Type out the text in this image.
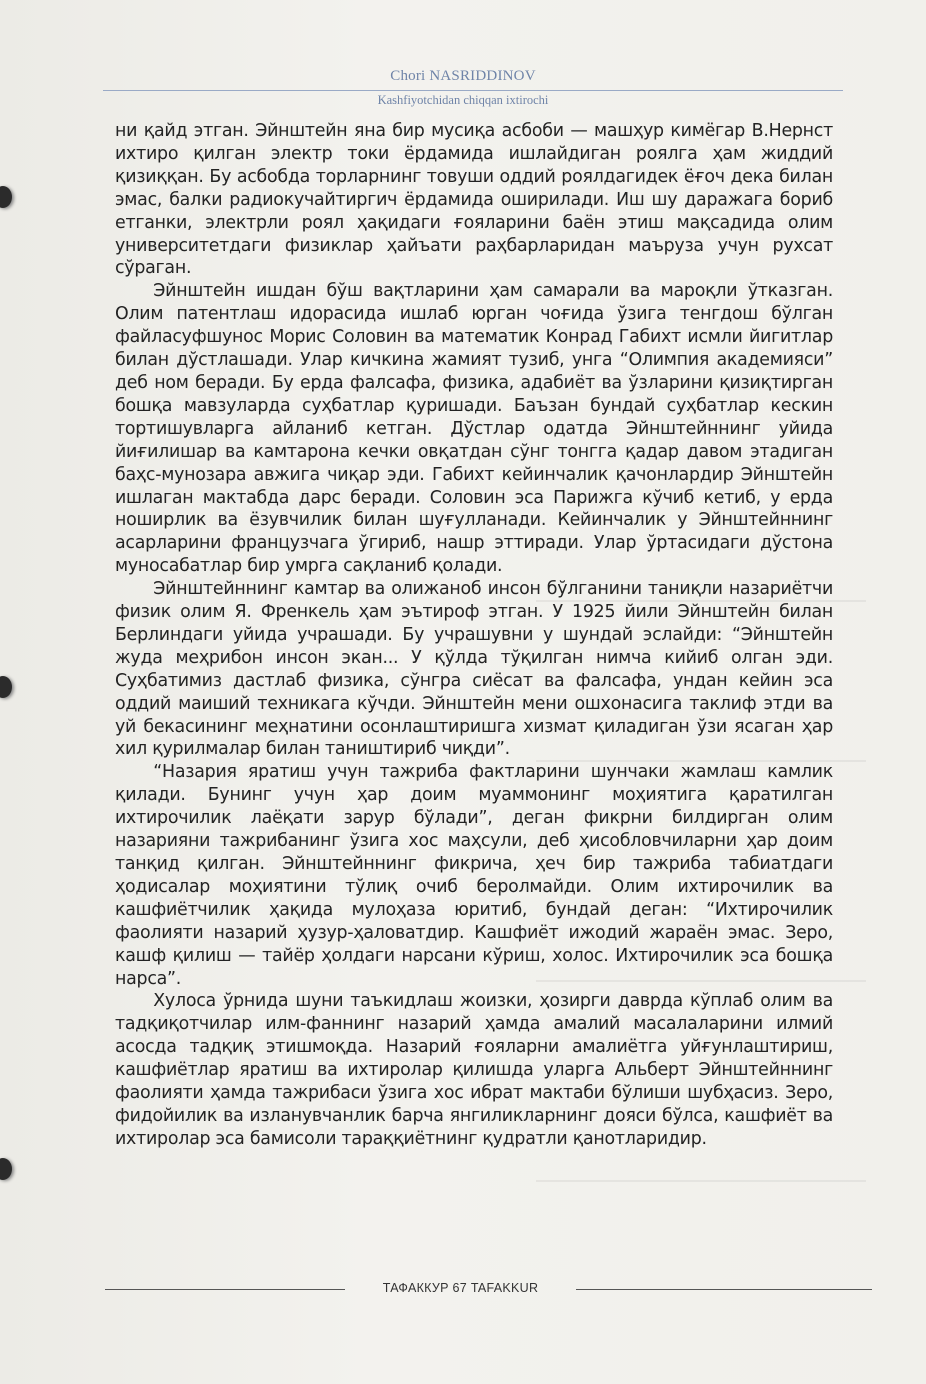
Chori NASRIDDINOV
Kashfiyotchidan chiqqan ixtirochi

ни қайд этган. Эйнштейн яна бир мусиқа асбоби — машҳур кимёгар В.Нернст ихтиро қилган электр токи ёрдамида ишлайдиган роялга ҳам жиддий қизиққан. Бу асбобда торларнинг товуши оддий роялдагидек ёғоч дека билан эмас, балки радиокучайтиргич ёрдамида оширилади. Иш шу даражага бориб етганки, электрли роял ҳақидаги ғояларини баён этиш мақсадида олим университетдаги физиклар ҳайъати раҳбарларидан маъруза учун рухсат сўраган.

Эйнштейн ишдан бўш вақтларини ҳам самарали ва мароқли ўтказган. Олим патентлаш идорасида ишлаб юрган чоғида ўзига тенгдош бўлган файласуфшунос Морис Соловин ва математик Конрад Габихт исмли йигитлар билан дўстлашади. Улар кичкина жамият тузиб, унга “Олимпия академияси” деб ном беради. Бу ерда фалсафа, физика, адабиёт ва ўзларини қизиқтирган бошқа мавзуларда суҳбатлар қуришади. Баъзан бундай суҳбатлар кескин тортишувларга айланиб кетган. Дўстлар одатда Эйнштейннинг уйида йиғилишар ва камтарона кечки овқатдан сўнг тонгга қадар давом этадиган баҳс-мунозара авжига чиқар эди. Габихт кейинчалик қачонлардир Эйнштейн ишлаган мактабда дарс беради. Соловин эса Парижга кўчиб кетиб, у ерда ноширлик ва ёзувчилик билан шуғулланади. Кейинчалик у Эйнштейннинг асарларини французчага ўгириб, нашр эттиради. Улар ўртасидаги дўстона муносабатлар бир умрга сақланиб қолади.

Эйнштейннинг камтар ва олижаноб инсон бўлганини таниқли назариётчи физик олим Я. Френкель ҳам эътироф этган. У 1925 йили Эйнштейн билан Берлиндаги уйида учрашади. Бу учрашувни у шундай эслайди: “Эйнштейн жуда меҳрибон инсон экан... У қўлда тўқилган нимча кийиб олган эди. Суҳбатимиз дастлаб физика, сўнгра сиёсат ва фалсафа, ундан кейин эса оддий маиший техникага кўчди. Эйнштейн мени ошхонасига таклиф этди ва уй бекасининг меҳнатини осонлаштиришга хизмат қиладиган ўзи ясаган ҳар хил қурилмалар билан таништириб чиқди”.

“Назария яратиш учун тажриба фактларини шунчаки жамлаш камлик қилади. Бунинг учун ҳар доим муаммонинг моҳиятига қаратилган ихтирочилик лаёқати зарур бўлади”, деган фикрни билдирган олим назарияни тажрибанинг ўзига хос маҳсули, деб ҳисобловчиларни ҳар доим танқид қилган. Эйнштейннинг фикрича, ҳеч бир тажриба табиатдаги ҳодисалар моҳиятини тўлиқ очиб беролмайди. Олим ихтирочилик ва кашфиётчилик ҳақида мулоҳаза юритиб, бундай деган: “Ихтирочилик фаолияти назарий ҳузур-ҳаловатдир. Кашфиёт ижодий жараён эмас. Зеро, кашф қилиш — тайёр ҳолдаги нарсани кўриш, холос. Ихтирочилик эса бошқа нарса”.

Хулоса ўрнида шуни таъкидлаш жоизки, ҳозирги даврда кўплаб олим ва тадқиқотчилар илм-фаннинг назарий ҳамда амалий масалаларини илмий асосда тадқиқ этишмоқда. Назарий ғояларни амалиётга уйғунлаштириш, кашфиётлар яратиш ва ихтиролар қилишда уларга Альберт Эйнштейннинг фаолияти ҳамда тажрибаси ўзига хос ибрат мактаби бўлиши шубҳасиз. Зеро, фидойилик ва изланувчанлик барча янгиликларнинг дояси бўлса, кашфиёт ва ихтиролар эса бамисоли тараққиётнинг қудратли қанотларидир.

ТАФАККУР 67 TAFAKKUR
